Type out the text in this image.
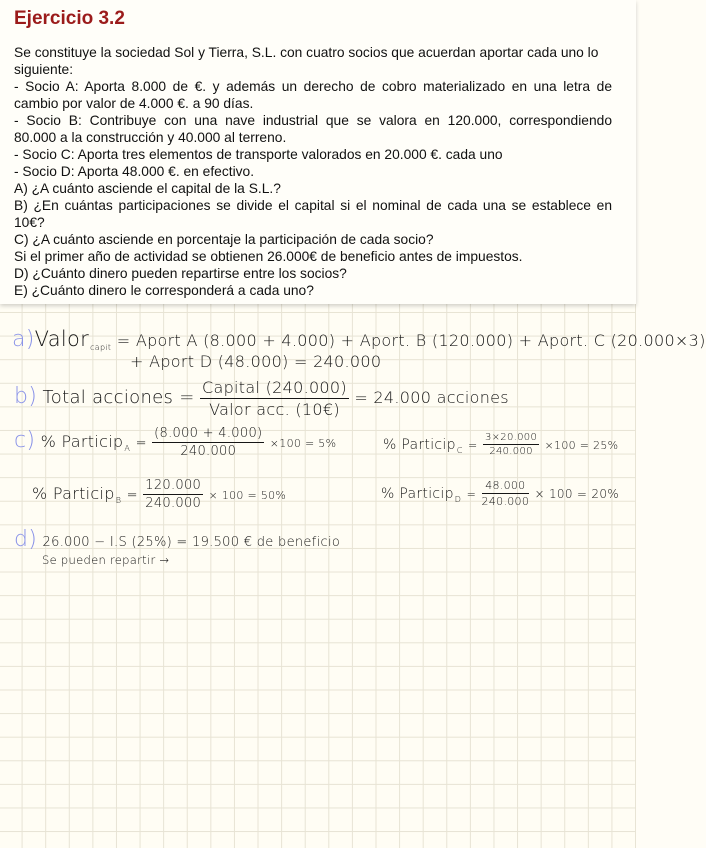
Ejercicio 3.2
Se constituye la sociedad Sol y Tierra, S.L. con cuatro socios que acuerdan aportar cada uno lo
siguiente:
- Socio A: Aporta 8.000 de €. y además un derecho de cobro materializado en una letra de
cambio por valor de 4.000 €. a 90 días.
- Socio B: Contribuye con una nave industrial que se valora en 120.000, correspondiendo
80.000 a la construcción y 40.000 al terreno.
- Socio C: Aporta tres elementos de transporte valorados en 20.000 €. cada uno
- Socio D: Aporta 48.000 €. en efectivo.
A) ¿A cuánto asciende el capital de la S.L.?
B) ¿En cuántas participaciones se divide el capital si el nominal de cada una se establece en
10€?
C) ¿A cuánto asciende en porcentaje la participación de cada socio?
Si el primer año de actividad se obtienen 26.000€ de beneficio antes de impuestos.
D) ¿Cuánto dinero pueden repartirse entre los socios?
E) ¿Cuánto dinero le corresponderá a cada uno?
a)Valor$_{capit}$ = Aport A (8.000 + 4.000) + Aport. B (120.000) + Aport. C (20.000×3)
+ Aport D (48.000) = 240.000
b) Total acciones = $\frac{\text{Capital (240.000)}}{\text{Valor acc. (10€)}} = 24.000$ acciones
c) % Particip$_A$ = $\frac{(8.000 + 4.000)}{240.000} \times 100 = 5\%$	% Particip$_C$ = $\frac{3\times 20.000}{240.000} \times 100 = 25\%$
% Particip$_B$ = $\frac{120.000}{240.000} \times 100 = 50\%$	% Particip$_D$ = $\frac{48.000}{240.000} \times 100 = 20\%$
d) 26.000 − I.S (25%) = 19.500 € de beneficio
Se pueden repartir →
